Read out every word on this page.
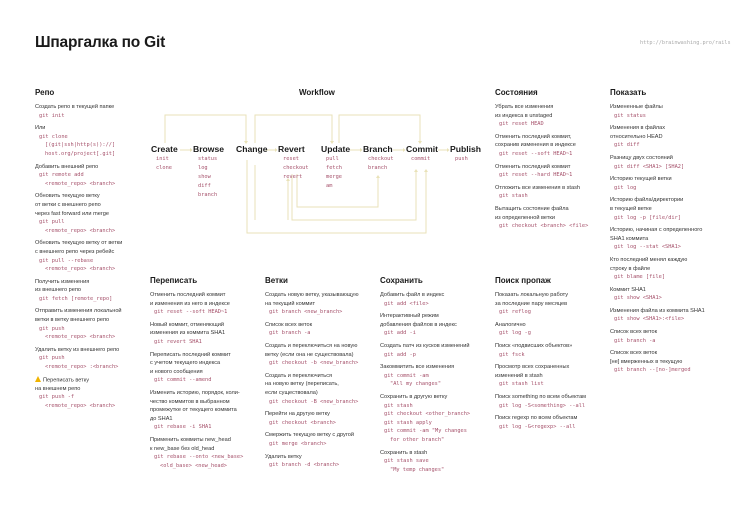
Шпаргалка по Git	http://brainwashing.pro/rails
Репо
Создать репо в текущей папке
git init
Или
git clone
[(git|ssh|http(s))://]
host.org/project[.git]
Добавить внешний репо
git remote add
<remote_repo> <branch>
Обновить текущую ветку
от ветки с внешнего репо
через fast forward или merge
git pull
<remote_repo> <branch>
Обновить текущую ветку от ветки
с внешнего репо через ребейс
git pull --rebase
<remote_repo> <branch>
Получить изменения
из внешнего репо
git fetch [remote_repo]
Отправить изменения локальной
ветки в ветку внешнего репо
git push
<remote_repo> <branch>
Удалить ветку из внешнего репо
git push
<remote_repo> :<branch>
Переписать ветку
на внешнем репо
git push -f
<remote_repo> <branch>
Состояния
Убрать все изменения
из индекса в unstaged
git reset HEAD
Отменить последний коммит,
сохранив изменения в индексе
git reset --soft HEAD~1
Отменить последний коммит
git reset --hard HEAD~1
Отложить все изменения в stash
git stash
Вытащить состояние файла
из определенной ветки
git checkout <branch> <file>
Показать
Измененные файлы
git status
Изменения в файлах
относительно HEAD
git diff
Разницу двух состояний
git diff <SHA1> [SHA2]
Историю текущей ветки
git log
Историю файла/директории
в текущей ветке
git log -p [file/dir]
Историю, начиная с определенного
SHA1 коммита
git log --stat <SHA1>
Кто последний менял каждую
строку в файле
git blame [file]
Коммит SHA1
git show <SHA1>
Изменения файла из коммита SHA1
git show <SHA1>:<file>
Список всех веток
git branch -a
Список всех веток
[не] вмерженных в текущую
git branch --[no-]merged
Переписать
Отменить последний коммит
и изменения из него в индексе
git reset --soft HEAD~1
Новый коммит, отменяющий
изменения из коммита SHA1
git revert SHA1
Переписать последний коммит
с учетом текущего индекса
и нового сообщения
git commit --amend
Изменить историю, порядок, коли-
чество коммитов в выбранном
промежутке от текущего коммита
до SHA1
git rebase -i SHA1
Применить коммиты new_head
к new_base без old_head
git rebase --onto <new_base>
<old_base> <new_head>
Ветки
Создать новую ветку, указывающую
на текущий коммит
git branch <new_branch>
Список всех веток
git branch -a
Создать и переключиться на новую
ветку (если она не существовала)
git checkout -b <new_branch>
Создать и переключиться
на новую ветку (переписать,
если существовала)
git checkout -B <new_branch>
Перейти на другую ветку
git checkout <branch>
Смержить текущую ветку с другой
git merge <branch>
Удалить ветку
git branch -d <branch>
Сохранить
Добавить файл в индекс
git add <file>
Интерактивный режим
добавления файлов в индекс
git add -i
Создать патч из кусков изменений
git add -p
Закоммитить все изменения
git commit -am
"All my changes"
Сохранить в другую ветку
git stash
git checkout <other_branch>
git stash apply
git commit -am "My changes
for other branch"
Сохранить в stash
git stash save
"My temp changes"
Поиск пропаж
Показать локальную работу
за последние пару месяцев
git reflog
Аналогично
git log -g
Поиск «подвисших объектов»
git fsck
Просмотр всех сохраненных
изменений в stash
git stash list
Поиск something по всем объектам
git log -S<something> --all
Поиск regexp по всем объектам
git log -G<regexp> --all
Workflow
Create
init
clone
Browse
status
log
show
diff
branch
Change Revert
reset
checkout
revert
Update
pull
fetch
merge
am
Branch
checkout
branch
Commit
commit
Publish
push
